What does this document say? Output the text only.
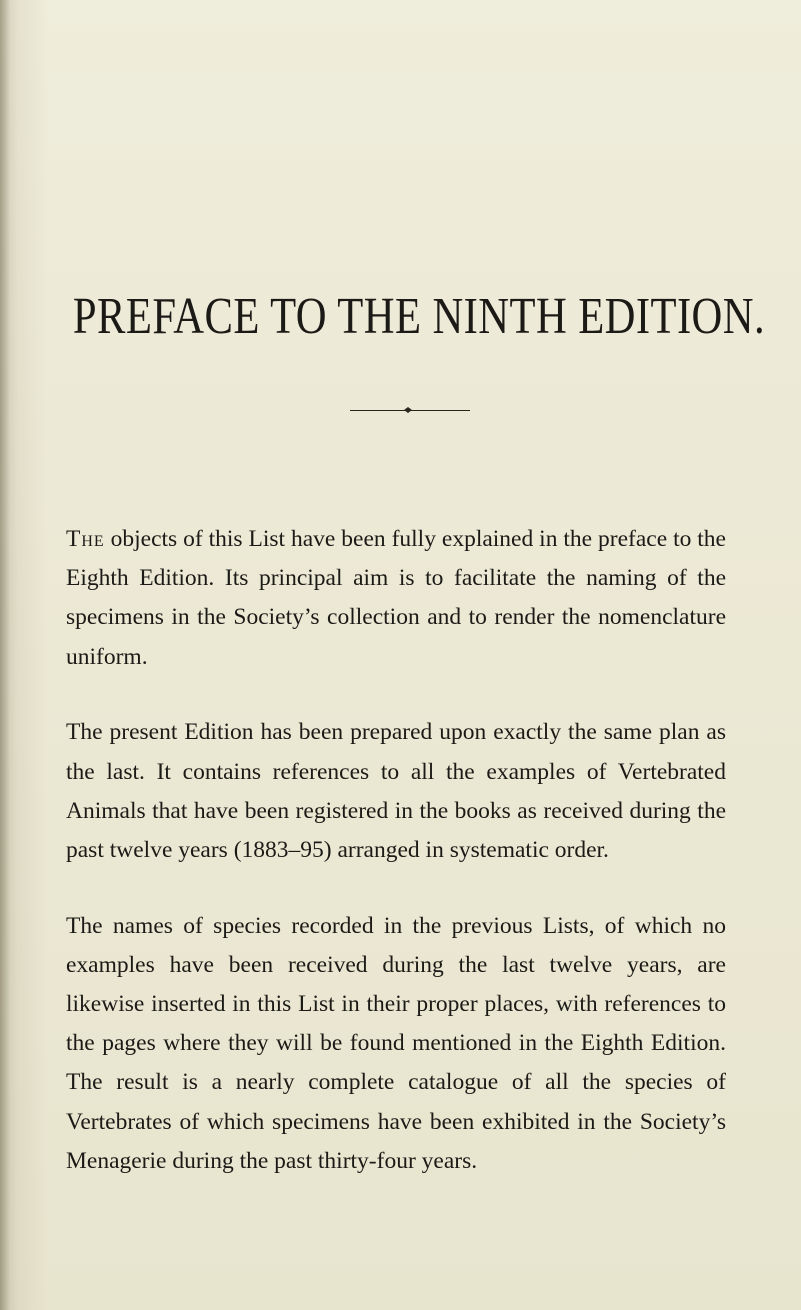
PREFACE TO THE NINTH EDITION.

The objects of this List have been fully explained in the preface to the Eighth Edition. Its principal aim is to facilitate the naming of the specimens in the Society’s collection and to render the nomenclature uniform.

The present Edition has been prepared upon exactly the same plan as the last. It contains references to all the examples of Vertebrated Animals that have been registered in the books as received during the past twelve years (1883–95) arranged in systematic order.

The names of species recorded in the previous Lists, of which no examples have been received during the last twelve years, are likewise inserted in this List in their proper places, with references to the pages where they will be found mentioned in the Eighth Edition. The result is a nearly complete catalogue of all the species of Vertebrates of which specimens have been exhibited in the Society’s Menagerie during the past thirty-four years.
